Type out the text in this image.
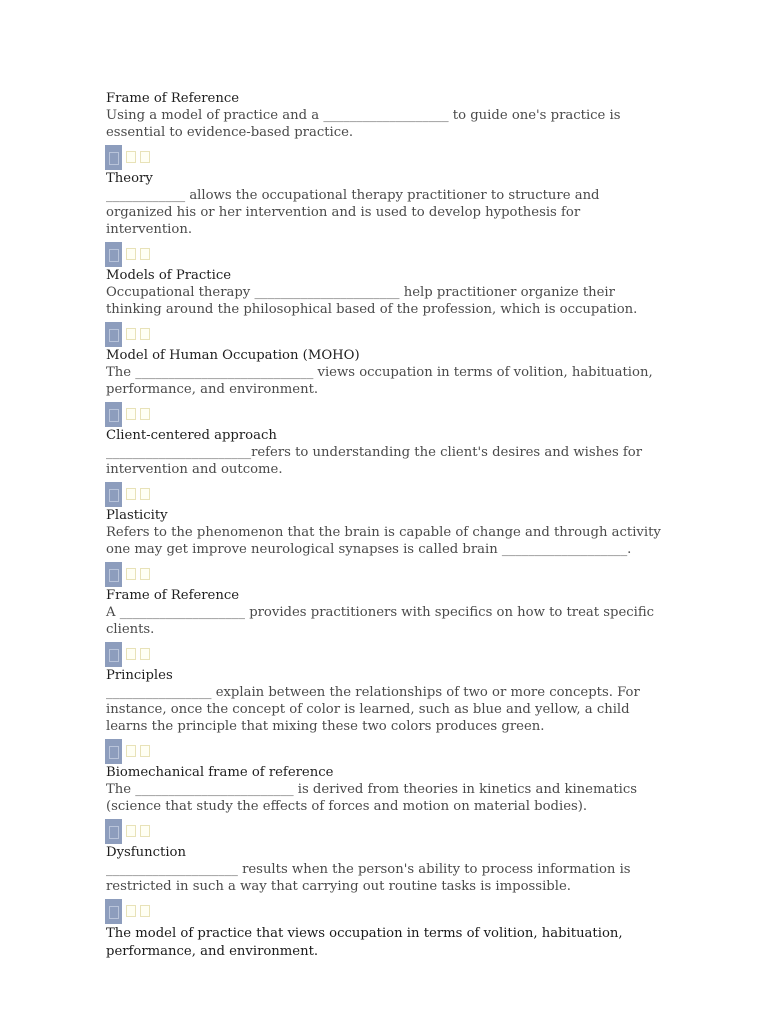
Frame of Reference

Using a model of practice and a ___________________ to guide one's practice is essential to evidence-based practice.

Theory

____________ allows the occupational therapy practitioner to structure and organized his or her intervention and is used to develop hypothesis for intervention.

Models of Practice

Occupational therapy ______________________ help practitioner organize their thinking around the philosophical based of the profession, which is occupation.

Model of Human Occupation (MOHO)

The ___________________________ views occupation in terms of volition, habituation, performance, and environment.

Client-centered approach

______________________refers to understanding the client's desires and wishes for intervention and outcome.

Plasticity

Refers to the phenomenon that the brain is capable of change and through activity one may get improve neurological synapses is called brain ___________________.

Frame of Reference

A ___________________ provides practitioners with specifics on how to treat specific clients.

Principles

________________ explain between the relationships of two or more concepts. For instance, once the concept of color is learned, such as blue and yellow, a child learns the principle that mixing these two colors produces green.

Biomechanical frame of reference

The ________________________ is derived from theories in kinetics and kinematics (science that study the effects of forces and motion on material bodies).

Dysfunction

____________________ results when the person's ability to process information is restricted in such a way that carrying out routine tasks is impossible.

The model of practice that views occupation in terms of volition, habituation, performance, and environment.
